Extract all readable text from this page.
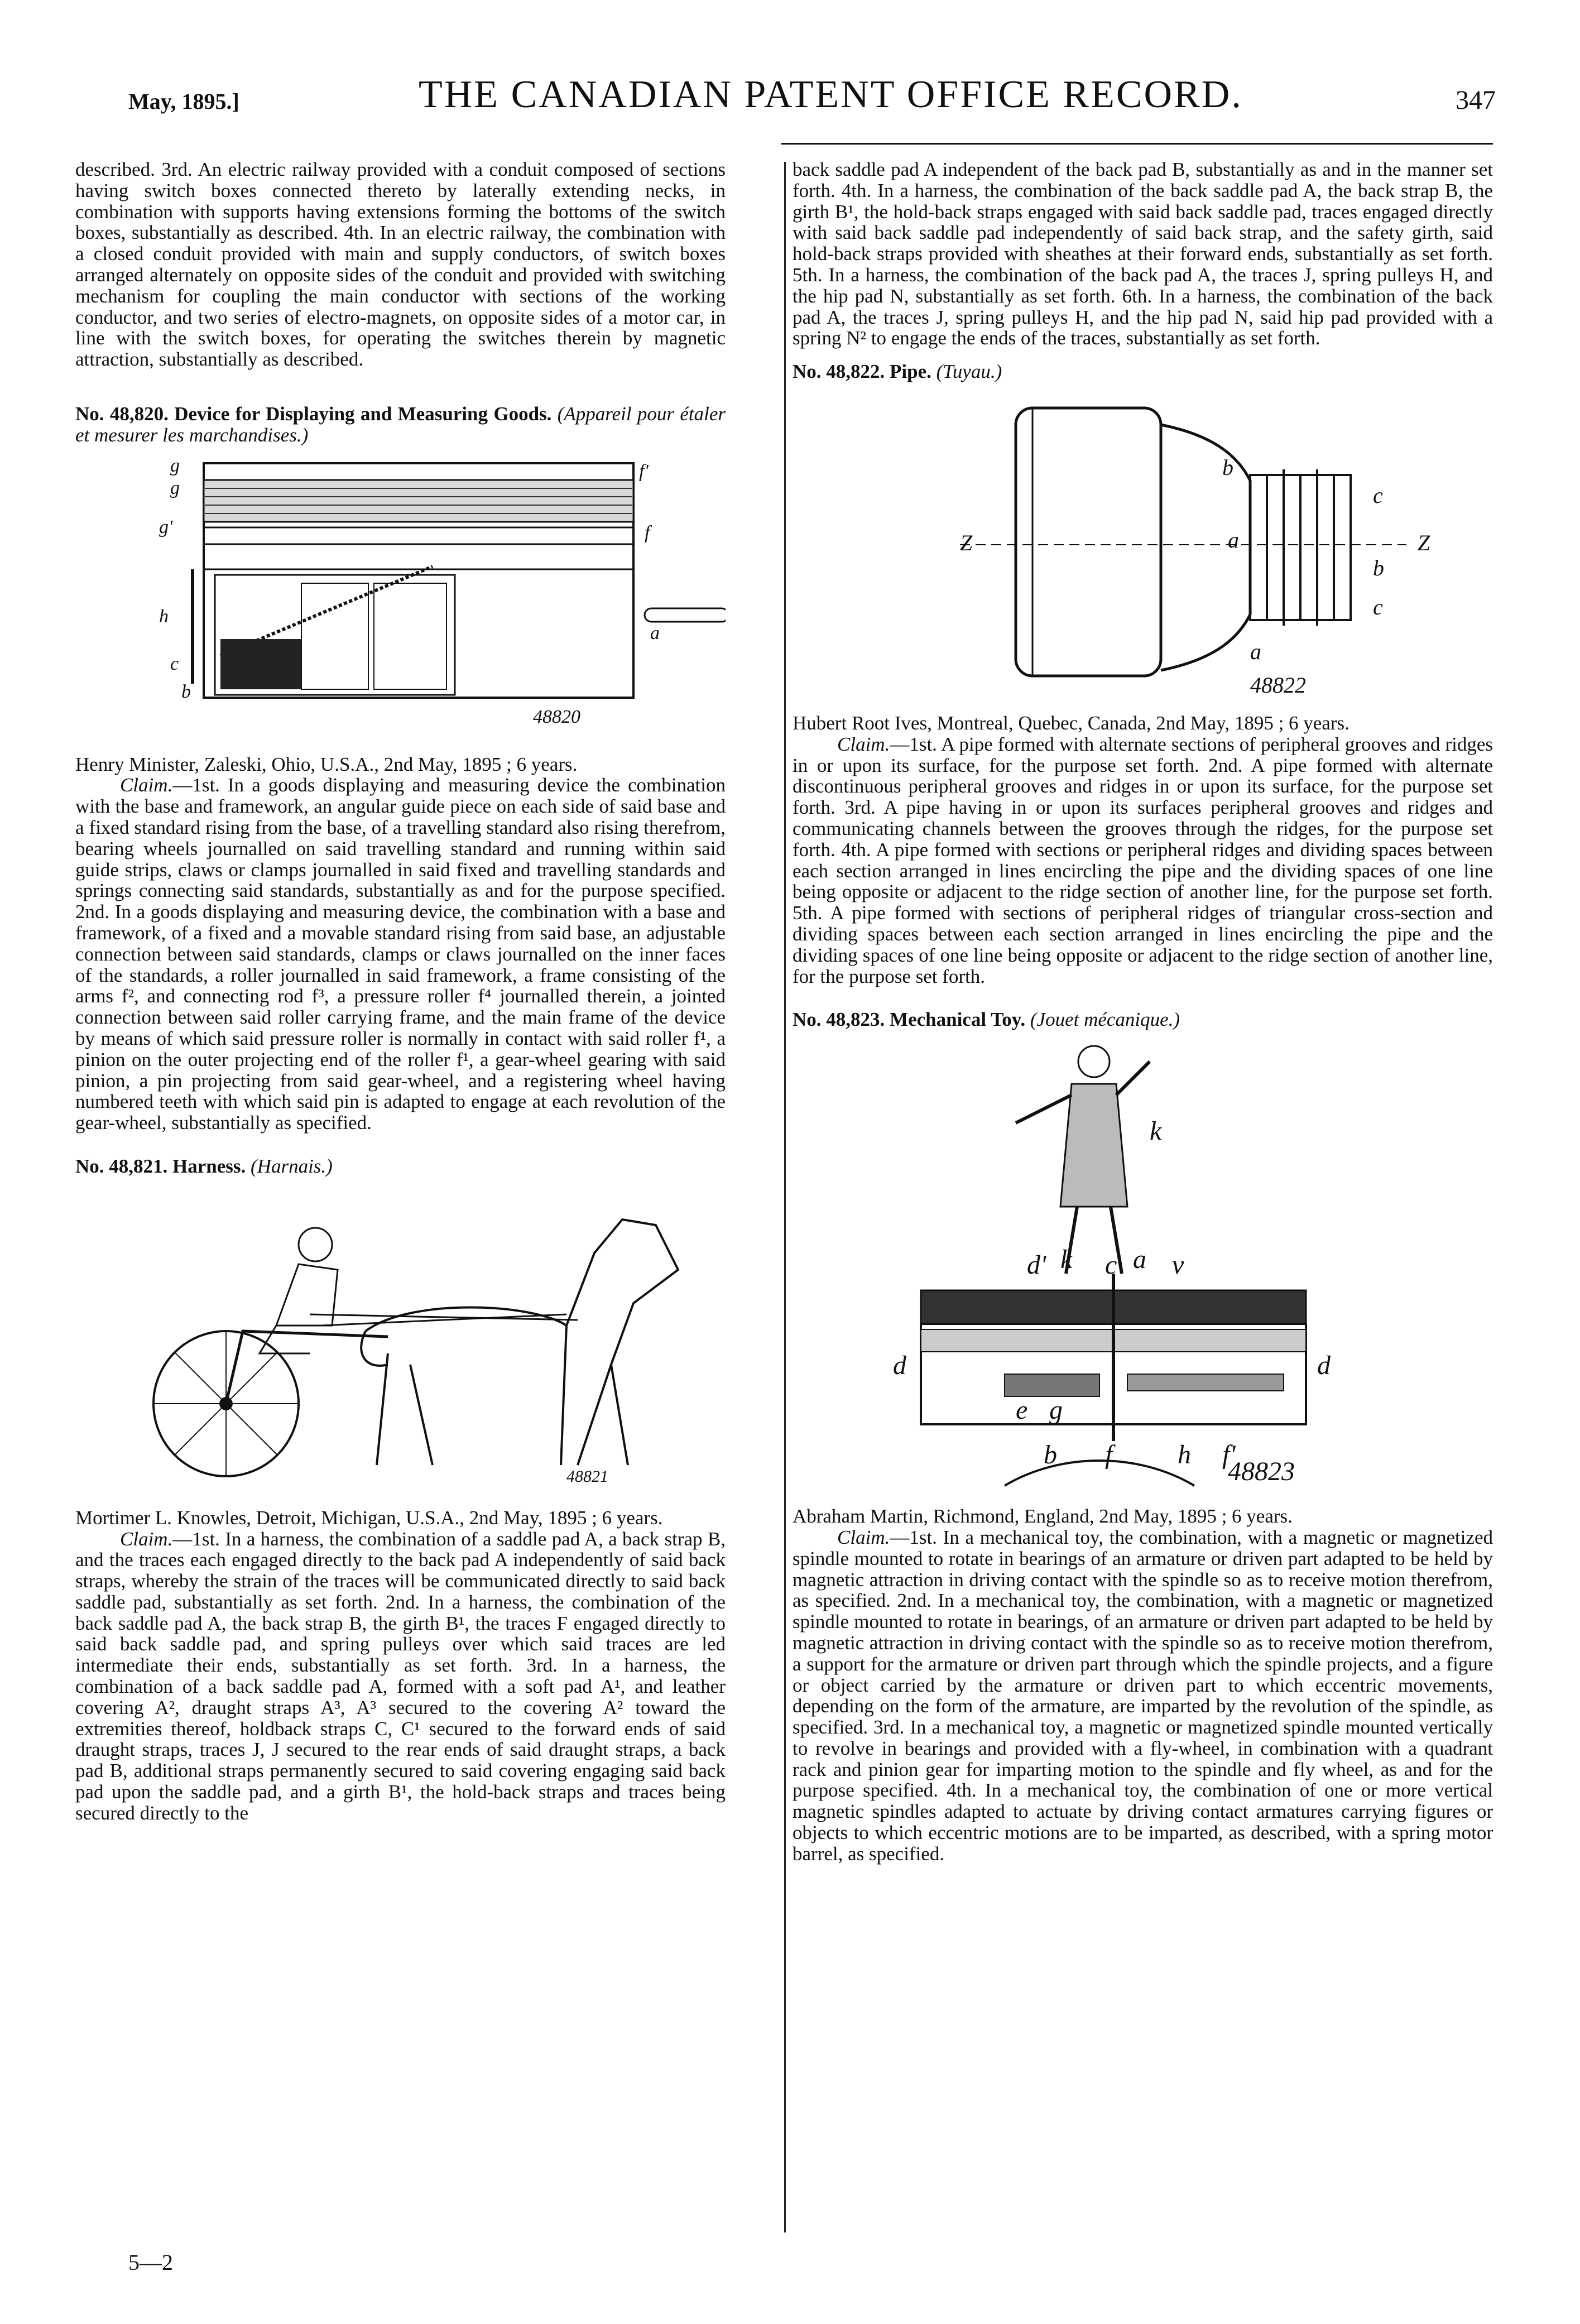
May, 1895.]	THE CANADIAN PATENT OFFICE RECORD.	347

described. 3rd. An electric railway provided with a conduit composed of sections having switch boxes connected thereto by laterally extending necks, in combination with supports having extensions forming the bottoms of the switch boxes, substantially as described. 4th. In an electric railway, the combination with a closed conduit provided with main and supply conductors, of switch boxes arranged alternately on opposite sides of the conduit and provided with switching mechanism for coupling the main conductor with sections of the working conductor, and two series of electro-magnets, on opposite sides of a motor car, in line with the switch boxes, for operating the switches therein by magnetic attraction, substantially as described.

No. 48,820. Device for Displaying and Measuring Goods. (Appareil pour étaler et mesurer les marchandises.)

g
g
g'
f'
f
h
c
b
a
48820

Henry Minister, Zaleski, Ohio, U.S.A., 2nd May, 1895 ; 6 years.

Claim.—1st. In a goods displaying and measuring device the combination with the base and framework, an angular guide piece on each side of said base and a fixed standard rising from the base, of a travelling standard also rising therefrom, bearing wheels journalled on said travelling standard and running within said guide strips, claws or clamps journalled in said fixed and travelling standards and springs connecting said standards, substantially as and for the purpose specified. 2nd. In a goods displaying and measuring device, the combination with a base and framework, of a fixed and a movable standard rising from said base, an adjustable connection between said standards, clamps or claws journalled on the inner faces of the standards, a roller journalled in said framework, a frame consisting of the arms f², and connecting rod f³, a pressure roller f⁴ journalled therein, a jointed connection between said roller carrying frame, and the main frame of the device by means of which said pressure roller is normally in contact with said roller f¹, a pinion on the outer projecting end of the roller f¹, a gear-wheel gearing with said pinion, a pin projecting from said gear-wheel, and a registering wheel having numbered teeth with which said pin is adapted to engage at each revolution of the gear-wheel, substantially as specified.

No. 48,821. Harness. (Harnais.)

48821

Mortimer L. Knowles, Detroit, Michigan, U.S.A., 2nd May, 1895 ; 6 years.

Claim.—1st. In a harness, the combination of a saddle pad A, a back strap B, and the traces each engaged directly to the back pad A independently of said back straps, whereby the strain of the traces will be communicated directly to said back saddle pad, substantially as set forth. 2nd. In a harness, the combination of the back saddle pad A, the back strap B, the girth B¹, the traces F engaged directly to said back saddle pad, and spring pulleys over which said traces are led intermediate their ends, substantially as set forth. 3rd. In a harness, the combination of a back saddle pad A, formed with a soft pad A¹, and leather covering A², draught straps A³, A³ secured to the covering A² toward the extremities thereof, holdback straps C, C¹ secured to the forward ends of said draught straps, traces J, J secured to the rear ends of said draught straps, a back pad B, additional straps permanently secured to said covering engaging said back pad upon the saddle pad, and a girth B¹, the hold-back straps and traces being secured directly to the

back saddle pad A independent of the back pad B, substantially as and in the manner set forth. 4th. In a harness, the combination of the back saddle pad A, the back strap B, the girth B¹, the hold-back straps engaged with said back saddle pad, traces engaged directly with said back saddle pad independently of said back strap, and the safety girth, said hold-back straps provided with sheathes at their forward ends, substantially as set forth. 5th. In a harness, the combination of the back pad A, the traces J, spring pulleys H, and the hip pad N, substantially as set forth. 6th. In a harness, the combination of the back pad A, the traces J, spring pulleys H, and the hip pad N, said hip pad provided with a spring N² to engage the ends of the traces, substantially as set forth.

No. 48,822. Pipe. (Tuyau.)

Z	Z
b
c
b
c
a
a
48822

Hubert Root Ives, Montreal, Quebec, Canada, 2nd May, 1895 ; 6 years.

Claim.—1st. A pipe formed with alternate sections of peripheral grooves and ridges in or upon its surface, for the purpose set forth. 2nd. A pipe formed with alternate discontinuous peripheral grooves and ridges in or upon its surface, for the purpose set forth. 3rd. A pipe having in or upon its surfaces peripheral grooves and ridges and communicating channels between the grooves through the ridges, for the purpose set forth. 4th. A pipe formed with sections or peripheral ridges and dividing spaces between each section arranged in lines encircling the pipe and the dividing spaces of one line being opposite or adjacent to the ridge section of another line, for the purpose set forth. 5th. A pipe formed with sections of peripheral ridges of triangular cross-section and dividing spaces between each section arranged in lines encircling the pipe and the dividing spaces of one line being opposite or adjacent to the ridge section of another line, for the purpose set forth.

No. 48,823. Mechanical Toy. (Jouet mécanique.)

k
d' k c a v
d	d
e g
b f h f'
48823

Abraham Martin, Richmond, England, 2nd May, 1895 ; 6 years.

Claim.—1st. In a mechanical toy, the combination, with a magnetic or magnetized spindle mounted to rotate in bearings of an armature or driven part adapted to be held by magnetic attraction in driving contact with the spindle so as to receive motion therefrom, as specified. 2nd. In a mechanical toy, the combination, with a magnetic or magnetized spindle mounted to rotate in bearings, of an armature or driven part adapted to be held by magnetic attraction in driving contact with the spindle so as to receive motion therefrom, a support for the armature or driven part through which the spindle projects, and a figure or object carried by the armature or driven part to which eccentric movements, depending on the form of the armature, are imparted by the revolution of the spindle, as specified. 3rd. In a mechanical toy, a magnetic or magnetized spindle mounted vertically to revolve in bearings and provided with a fly-wheel, in combination with a quadrant rack and pinion gear for imparting motion to the spindle and fly wheel, as and for the purpose specified. 4th. In a mechanical toy, the combination of one or more vertical magnetic spindles adapted to actuate by driving contact armatures carrying figures or objects to which eccentric motions are to be imparted, as described, with a spring motor barrel, as specified.

5—2
